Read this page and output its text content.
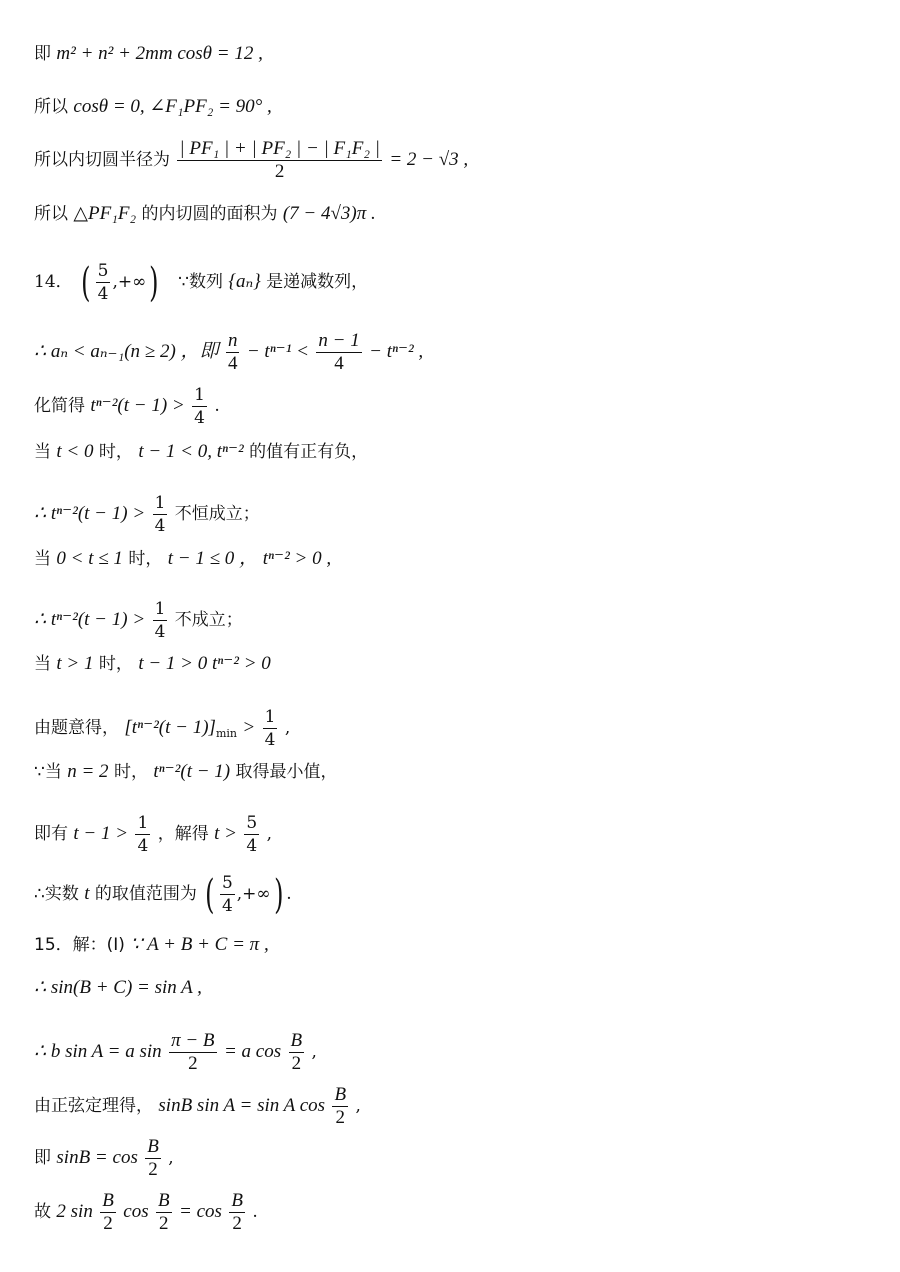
即 m² + n² + 2mm cosθ = 12 ,
所以 cosθ = 0, ∠F₁PF₂ = 90° ,
所以内切圆半径为 $\frac{\text{| PF₁ | + | PF₂ | − | F₁F₂ |}}{2} = 2 - √3$ ,
所以 △PF₁F₂ 的内切圆的面积为 (7 − 4√3)π .
14． ( $\frac{5}{4}$ ,+∞) ∵数列 {aₙ} 是递减数列，
∴ aₙ < aₙ₋₁(n ≥ 2) ，即 $\frac{n}{4} - t^{n-1} < \frac{n - 1}{4} - t^{n-2}$ ,
化简得 $t^{n-2}(t - 1) > \frac{1}{4}$ .
当 t < 0 时， t − 1 < 0, tⁿ⁻² 的值有正有负，
∴ $t^{n-2}(t - 1) > \frac{1}{4}$ 不恒成立；
当 0 < t ≤ 1 时， t − 1 ≤ 0 ， tⁿ⁻² > 0 ,
∴ $t^{n-2}(t - 1) > \frac{1}{4}$ 不成立；
当 t > 1 时， t − 1 > 0 tⁿ⁻² > 0
由题意得， $[t^{n-2}(t - 1)]_{min} > \frac{1}{4}$ ,
∵当 n = 2 时， tⁿ⁻²(t − 1) 取得最小值，
即有 $t - 1 > \frac{1}{4}$ ，解得 $t > \frac{5}{4}$ ,
∴实数 t 的取值范围为 ( $\frac{5}{4}$ ,+∞) .
15．解：(I) ∵ A + B + C = π ,
∴ sin(B + C) = sin A ,
∴ b sin A = a $\sin \frac{\pi - B}{2} = a$ $\cos \frac{B}{2}$ ,
由正弦定理得， sinB sin A = sin A $\cos \frac{B}{2}$ ,
即 $\sin B = \cos \frac{B}{2}$ ,
故 2 $\sin \frac{B}{2}$ $\cos \frac{B}{2} = \cos \frac{B}{2}$ .
